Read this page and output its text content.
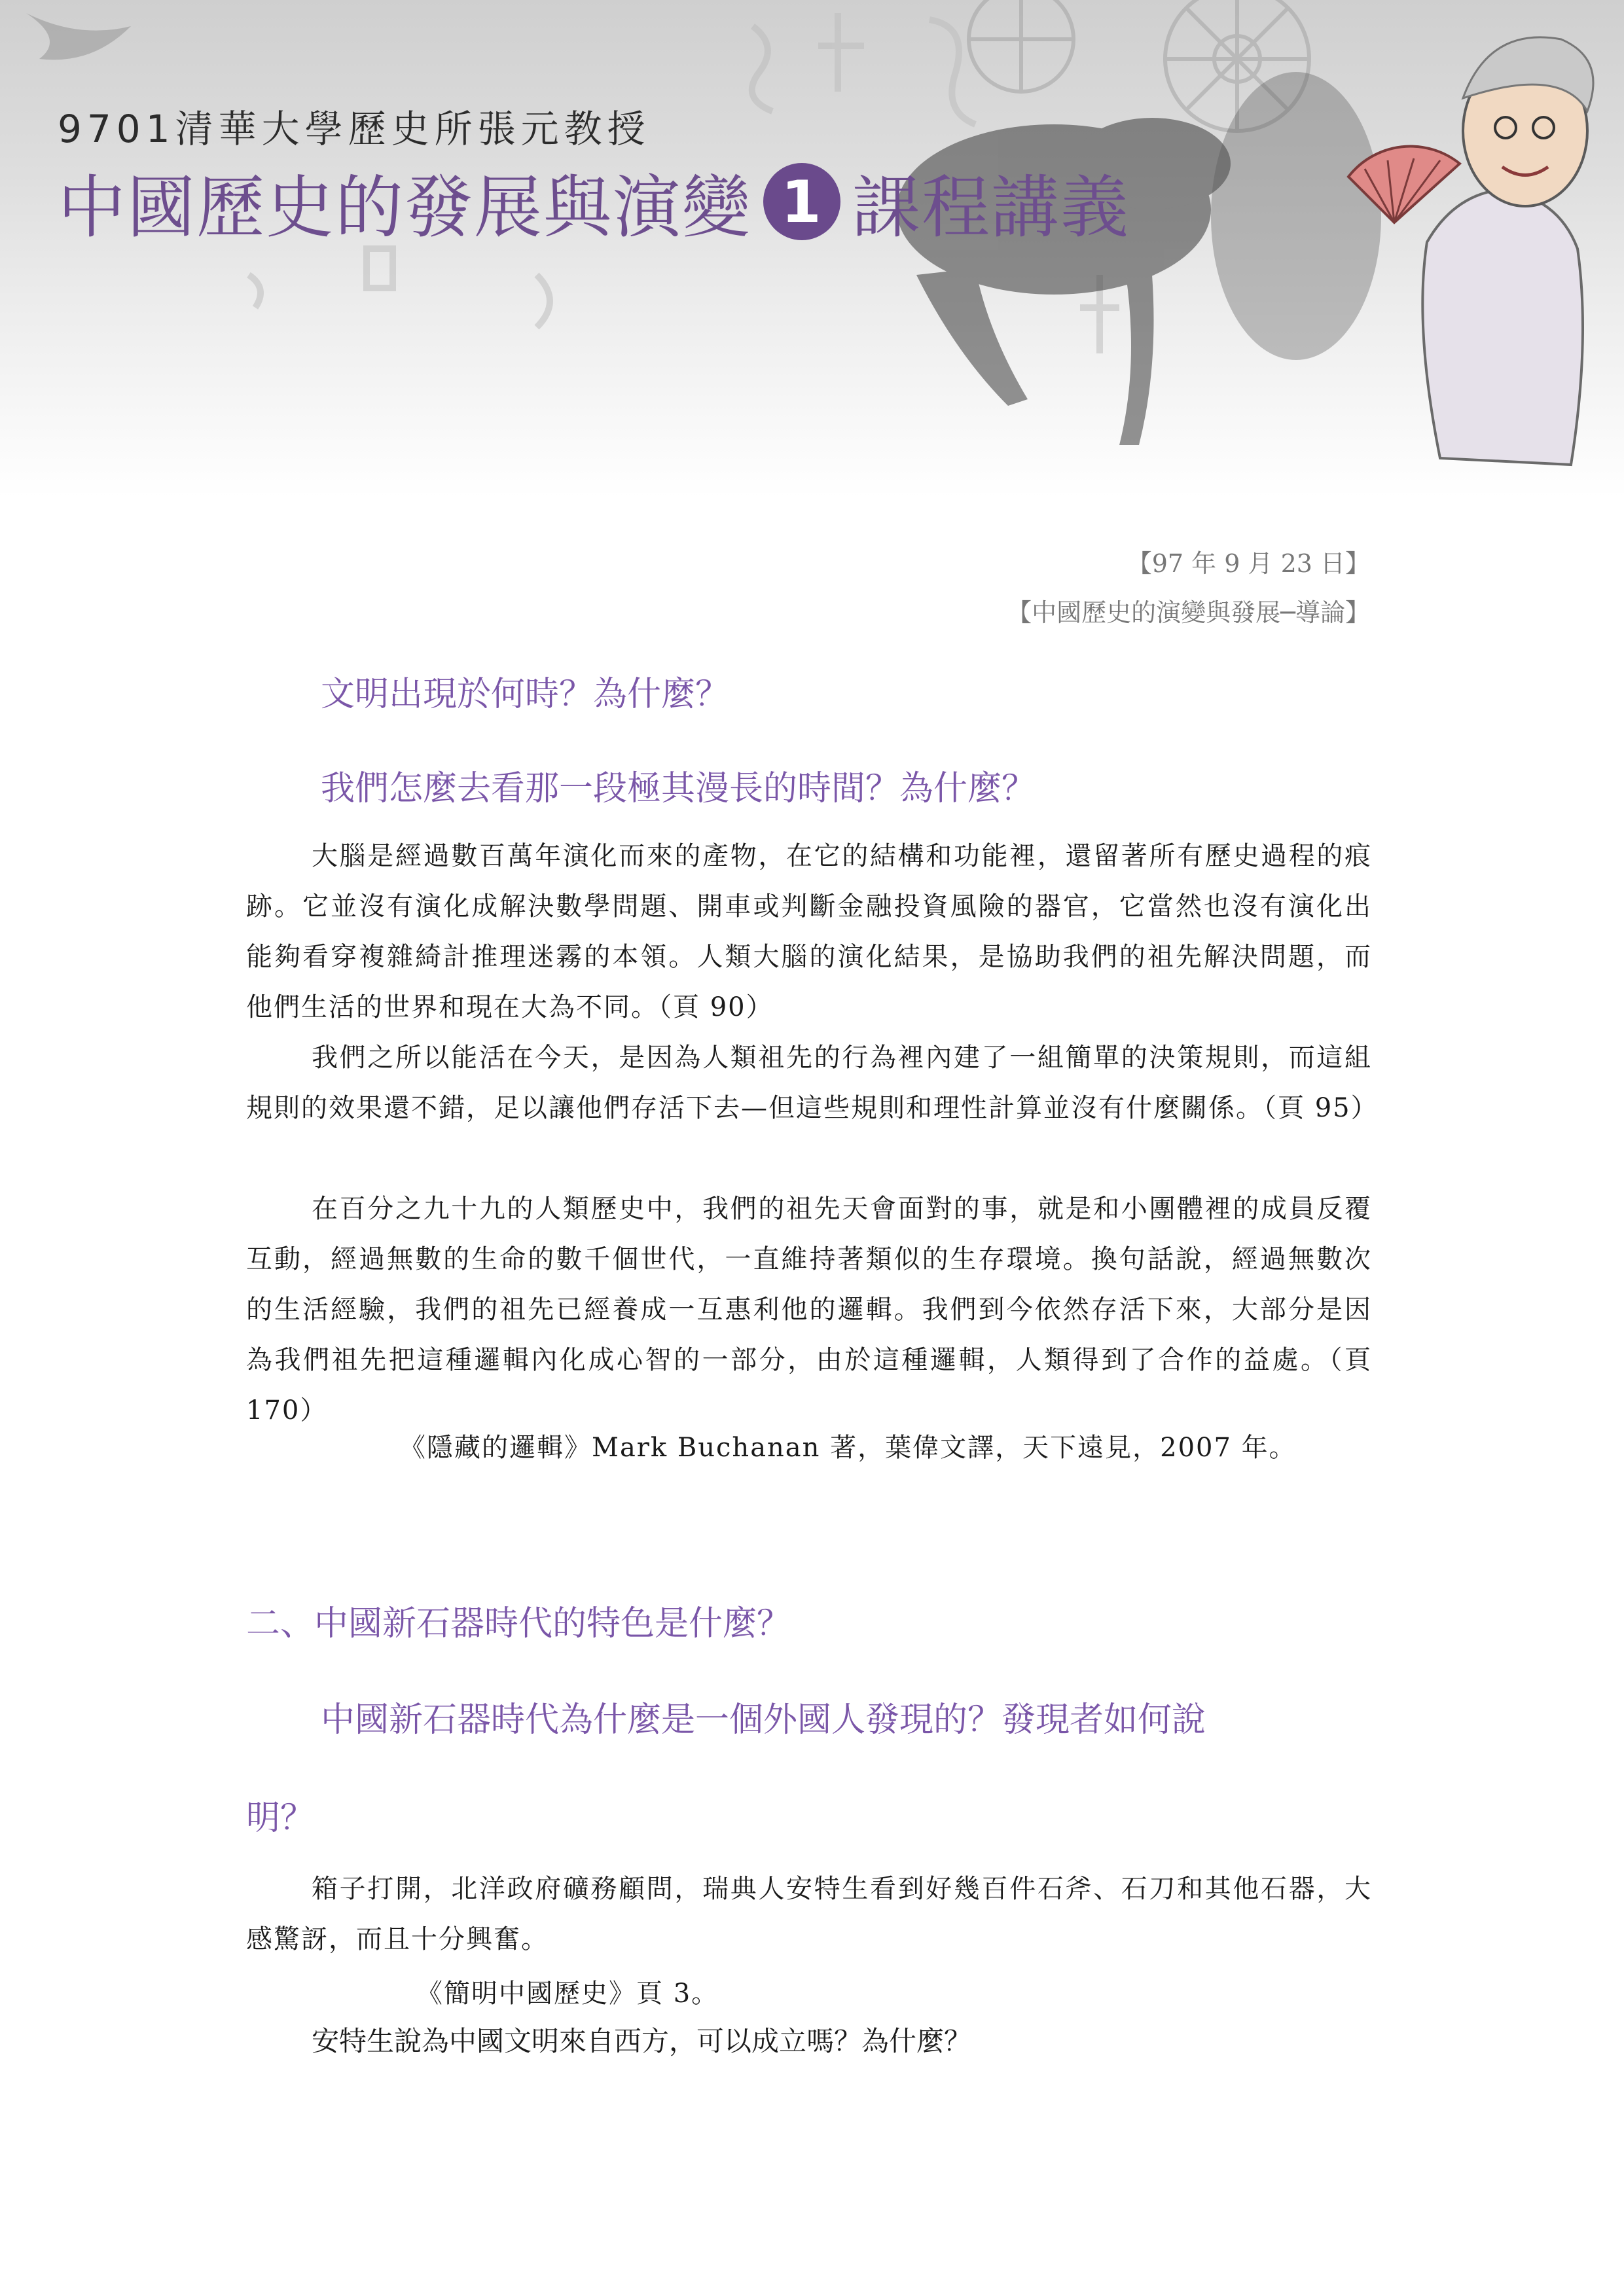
9701清華大學歷史所張元教授
中國歷史的發展與演變 1 課程講義
【97 年 9 月 23 日】
【中國歷史的演變與發展─導論】
文明出現於何時？為什麼？
我們怎麼去看那一段極其漫長的時間？為什麼？
大腦是經過數百萬年演化而來的產物，在它的結構和功能裡，還留著所有歷史過程的痕跡。它並沒有演化成解決數學問題、開車或判斷金融投資風險的器官，它當然也沒有演化出能夠看穿複雜綺計推理迷霧的本領。人類大腦的演化結果，是協助我們的祖先解決問題，而他們生活的世界和現在大為不同。（頁 90）
我們之所以能活在今天，是因為人類祖先的行為裡內建了一組簡單的決策規則，而這組規則的效果還不錯，足以讓他們存活下去—但這些規則和理性計算並沒有什麼關係。（頁 95）
在百分之九十九的人類歷史中，我們的祖先天會面對的事，就是和小團體裡的成員反覆互動，經過無數的生命的數千個世代，一直維持著類似的生存環境。換句話說，經過無數次的生活經驗，我們的祖先已經養成一互惠利他的邏輯。我們到今依然存活下來，大部分是因為我們祖先把這種邏輯內化成心智的一部分，由於這種邏輯，人類得到了合作的益處。（頁 170）
《隱藏的邏輯》Mark Buchanan 著，葉偉文譯，天下遠見，2007 年。
二、中國新石器時代的特色是什麼？
中國新石器時代為什麼是一個外國人發現的？發現者如何說
明？
箱子打開，北洋政府礦務顧問，瑞典人安特生看到好幾百件石斧、石刀和其他石器，大感驚訝，而且十分興奮。
《簡明中國歷史》頁 3。
安特生說為中國文明來自西方，可以成立嗎？為什麼？
